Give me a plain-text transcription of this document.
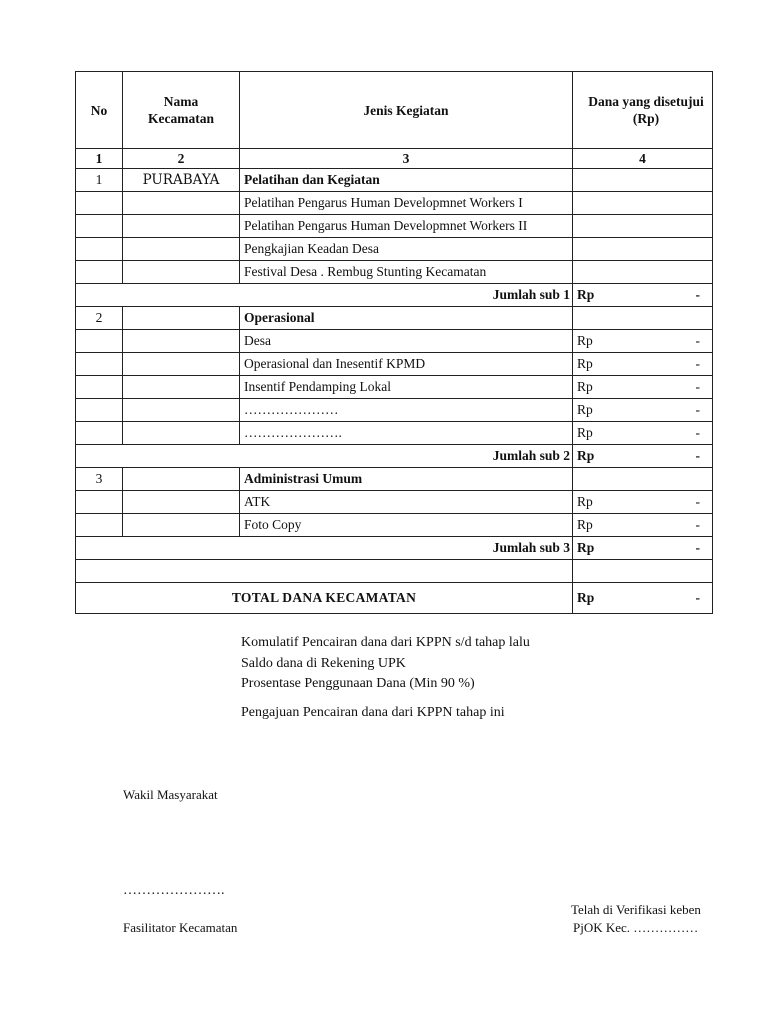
No	Nama Kecamatan	Jenis Kegiatan	Dana yang disetujui (Rp)
1	2	3	4
1	PURABAYA	Pelatihan dan Kegiatan	
		Pelatihan Pengarus Human Developmnet Workers I	

		Pelatihan Pengarus Human Developmnet Workers II	

		Pengkajian Keadan Desa	

		Festival Desa . Rembug Stunting Kecamatan	

Jumlah sub 1			Rp -

2		Operasional	
		Desa	Rp -

		Operasional dan Inesentif KPMD	Rp -

		Insentif Pendamping Lokal	Rp -

		…………………	Rp -

		………………….	Rp -

Jumlah sub 2			Rp -

3		Administrasi Umum	
		ATK	Rp -

		Foto Copy	Rp -

Jumlah sub 3			Rp -

TOTAL DANA KECAMATAN			Rp -
Komulatif Pencairan dana dari KPPN s/d tahap lalu
Saldo dana di Rekening UPK
Prosentase Penggunaan Dana (Min 90 %)
Pengajuan Pencairan dana dari KPPN tahap ini
Wakil Masyarakat
………………….
Fasilitator Kecamatan
Telah di Verifikasi keben
PjOK Kec. ……………
